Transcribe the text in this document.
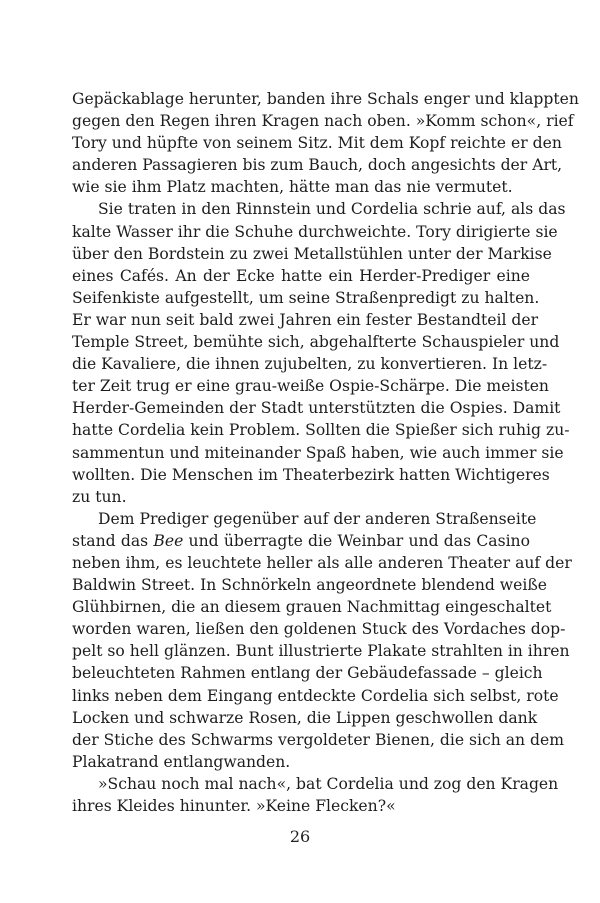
Gepäckablage herunter, banden ihre Schals enger und klappten
gegen den Regen ihren Kragen nach oben. »Komm schon«, rief
Tory und hüpfte von seinem Sitz. Mit dem Kopf reichte er den
anderen Passagieren bis zum Bauch, doch angesichts der Art,
wie sie ihm Platz machten, hätte man das nie vermutet.
Sie traten in den Rinnstein und Cordelia schrie auf, als das
kalte Wasser ihr die Schuhe durchweichte. Tory dirigierte sie
über den Bordstein zu zwei Metallstühlen unter der Markise
eines Cafés. An der Ecke hatte ein Herder-Prediger eine
Seifenkiste aufgestellt, um seine Straßenpredigt zu halten.
Er war nun seit bald zwei Jahren ein fester Bestandteil der
Temple Street, bemühte sich, abgehalfterte Schauspieler und
die Kavaliere, die ihnen zujubelten, zu konvertieren. In letz-
ter Zeit trug er eine grau-weiße Ospie-Schärpe. Die meisten
Herder-Gemeinden der Stadt unterstützten die Ospies. Damit
hatte Cordelia kein Problem. Sollten die Spießer sich ruhig zu-
sammentun und miteinander Spaß haben, wie auch immer sie
wollten. Die Menschen im Theaterbezirk hatten Wichtigeres
zu tun.
Dem Prediger gegenüber auf der anderen Straßenseite
stand das Bee und überragte die Weinbar und das Casino
neben ihm, es leuchtete heller als alle anderen Theater auf der
Baldwin Street. In Schnörkeln angeordnete blendend weiße
Glühbirnen, die an diesem grauen Nachmittag eingeschaltet
worden waren, ließen den goldenen Stuck des Vordaches dop-
pelt so hell glänzen. Bunt illustrierte Plakate strahlten in ihren
beleuchteten Rahmen entlang der Gebäudefassade – gleich
links neben dem Eingang entdeckte Cordelia sich selbst, rote
Locken und schwarze Rosen, die Lippen geschwollen dank
der Stiche des Schwarms vergoldeter Bienen, die sich an dem
Plakatrand entlangwanden.
»Schau noch mal nach«, bat Cordelia und zog den Kragen
ihres Kleides hinunter. »Keine Flecken?«
26
